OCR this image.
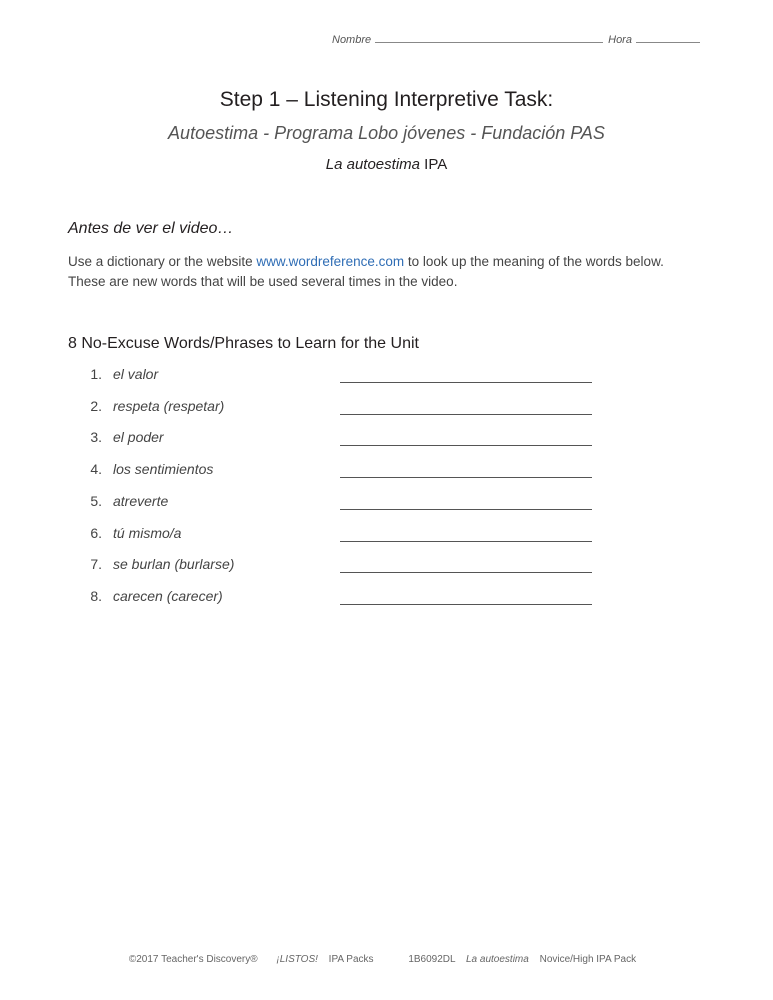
Nombre	Hora
Step 1 – Listening Interpretive Task:
Autoestima - Programa Lobo jóvenes - Fundación PAS
La autoestima IPA
Antes de ver el video…
Use a dictionary or the website www.wordreference.com to look up the meaning of the words below. These are new words that will be used several times in the video.
8 No-Excuse Words/Phrases to Learn for the Unit
1. el valor
2. respeta (respetar)
3. el poder
4. los sentimientos
5. atreverte
6. tú mismo/a
7. se burlan (burlarse)
8. carecen (carecer)
©2017 Teacher's Discovery® ¡LISTOS! IPA Packs	1B6092DL La autoestima Novice/High IPA Pack
